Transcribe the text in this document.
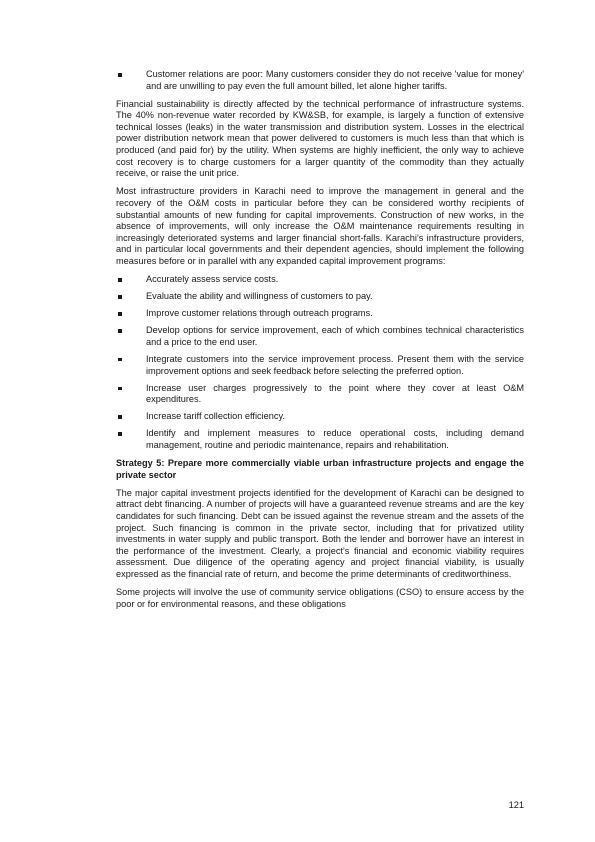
Customer relations are poor: Many customers consider they do not receive 'value for money' and are unwilling to pay even the full amount billed, let alone higher tariffs.

Financial sustainability is directly affected by the technical performance of infrastructure systems. The 40% non-revenue water recorded by KW&SB, for example, is largely a function of extensive technical losses (leaks) in the water transmission and distribution system. Losses in the electrical power distribution network mean that power delivered to customers is much less than that which is produced (and paid for) by the utility. When systems are highly inefficient, the only way to achieve cost recovery is to charge customers for a larger quantity of the commodity than they actually receive, or raise the unit price.

Most infrastructure providers in Karachi need to improve the management in general and the recovery of the O&M costs in particular before they can be considered worthy recipients of substantial amounts of new funding for capital improvements. Construction of new works, in the absence of improvements, will only increase the O&M maintenance requirements resulting in increasingly deteriorated systems and larger financial short-falls. Karachi's infrastructure providers, and in particular local governments and their dependent agencies, should implement the following measures before or in parallel with any expanded capital improvement programs:

Accurately assess service costs.
Evaluate the ability and willingness of customers to pay.
Improve customer relations through outreach programs.
Develop options for service improvement, each of which combines technical characteristics and a price to the end user.
Integrate customers into the service improvement process. Present them with the service improvement options and seek feedback before selecting the preferred option.
Increase user charges progressively to the point where they cover at least O&M expenditures.
Increase tariff collection efficiency.
Identify and implement measures to reduce operational costs, including demand management, routine and periodic maintenance, repairs and rehabilitation.

Strategy 5: Prepare more commercially viable urban infrastructure projects and engage the private sector

The major capital investment projects identified for the development of Karachi can be designed to attract debt financing. A number of projects will have a guaranteed revenue streams and are the key candidates for such financing. Debt can be issued against the revenue stream and the assets of the project. Such financing is common in the private sector, including that for privatized utility investments in water supply and public transport. Both the lender and borrower have an interest in the performance of the investment. Clearly, a project's financial and economic viability requires assessment. Due diligence of the operating agency and project financial viability, is usually expressed as the financial rate of return, and become the prime determinants of creditworthiness.

Some projects will involve the use of community service obligations (CSO) to ensure access by the poor or for environmental reasons, and these obligations

121
